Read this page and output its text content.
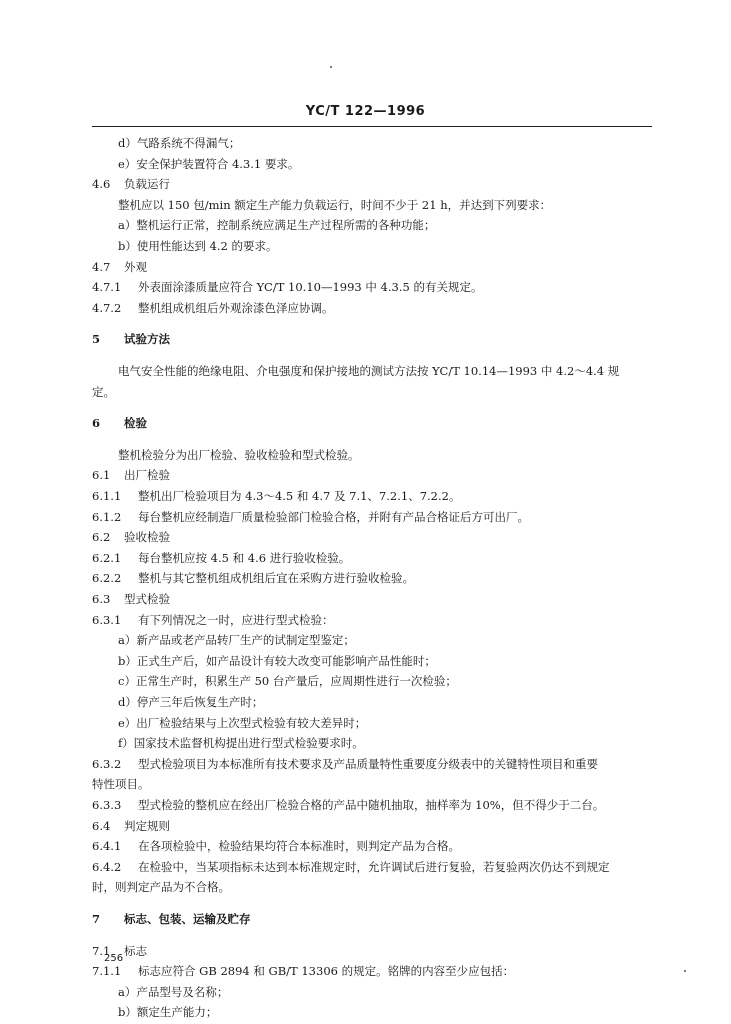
YC/T 122—1996
d）气路系统不得漏气；
e）安全保护装置符合 4.3.1 要求。
4.6 负载运行
整机应以 150 包/min 额定生产能力负载运行，时间不少于 21 h，并达到下列要求：
a）整机运行正常，控制系统应满足生产过程所需的各种功能；
b）使用性能达到 4.2 的要求。
4.7 外观
4.7.1 外表面涂漆质量应符合 YC/T 10.10—1993 中 4.3.5 的有关规定。
4.7.2 整机组成机组后外观涂漆色泽应协调。
5 试验方法
电气安全性能的绝缘电阻、介电强度和保护接地的测试方法按 YC/T 10.14—1993 中 4.2～4.4 规
定。
6 检验
整机检验分为出厂检验、验收检验和型式检验。
6.1 出厂检验
6.1.1 整机出厂检验项目为 4.3～4.5 和 4.7 及 7.1、7.2.1、7.2.2。
6.1.2 每台整机应经制造厂质量检验部门检验合格，并附有产品合格证后方可出厂。
6.2 验收检验
6.2.1 每台整机应按 4.5 和 4.6 进行验收检验。
6.2.2 整机与其它整机组成机组后宜在采购方进行验收检验。
6.3 型式检验
6.3.1 有下列情况之一时，应进行型式检验：
a）新产品或老产品转厂生产的试制定型鉴定；
b）正式生产后，如产品设计有较大改变可能影响产品性能时；
c）正常生产时，积累生产 50 台产量后，应周期性进行一次检验；
d）停产三年后恢复生产时；
e）出厂检验结果与上次型式检验有较大差异时；
f）国家技术监督机构提出进行型式检验要求时。
6.3.2 型式检验项目为本标准所有技术要求及产品质量特性重要度分级表中的关键特性项目和重要
特性项目。
6.3.3 型式检验的整机应在经出厂检验合格的产品中随机抽取，抽样率为 10%，但不得少于二台。
6.4 判定规则
6.4.1 在各项检验中，检验结果均符合本标准时，则判定产品为合格。
6.4.2 在检验中，当某项指标未达到本标准规定时，允许调试后进行复验，若复验两次仍达不到规定
时，则判定产品为不合格。
7 标志、包装、运输及贮存
7.1 标志
7.1.1 标志应符合 GB 2894 和 GB/T 13306 的规定。铭牌的内容至少应包括：
a）产品型号及名称；
b）额定生产能力；
256
